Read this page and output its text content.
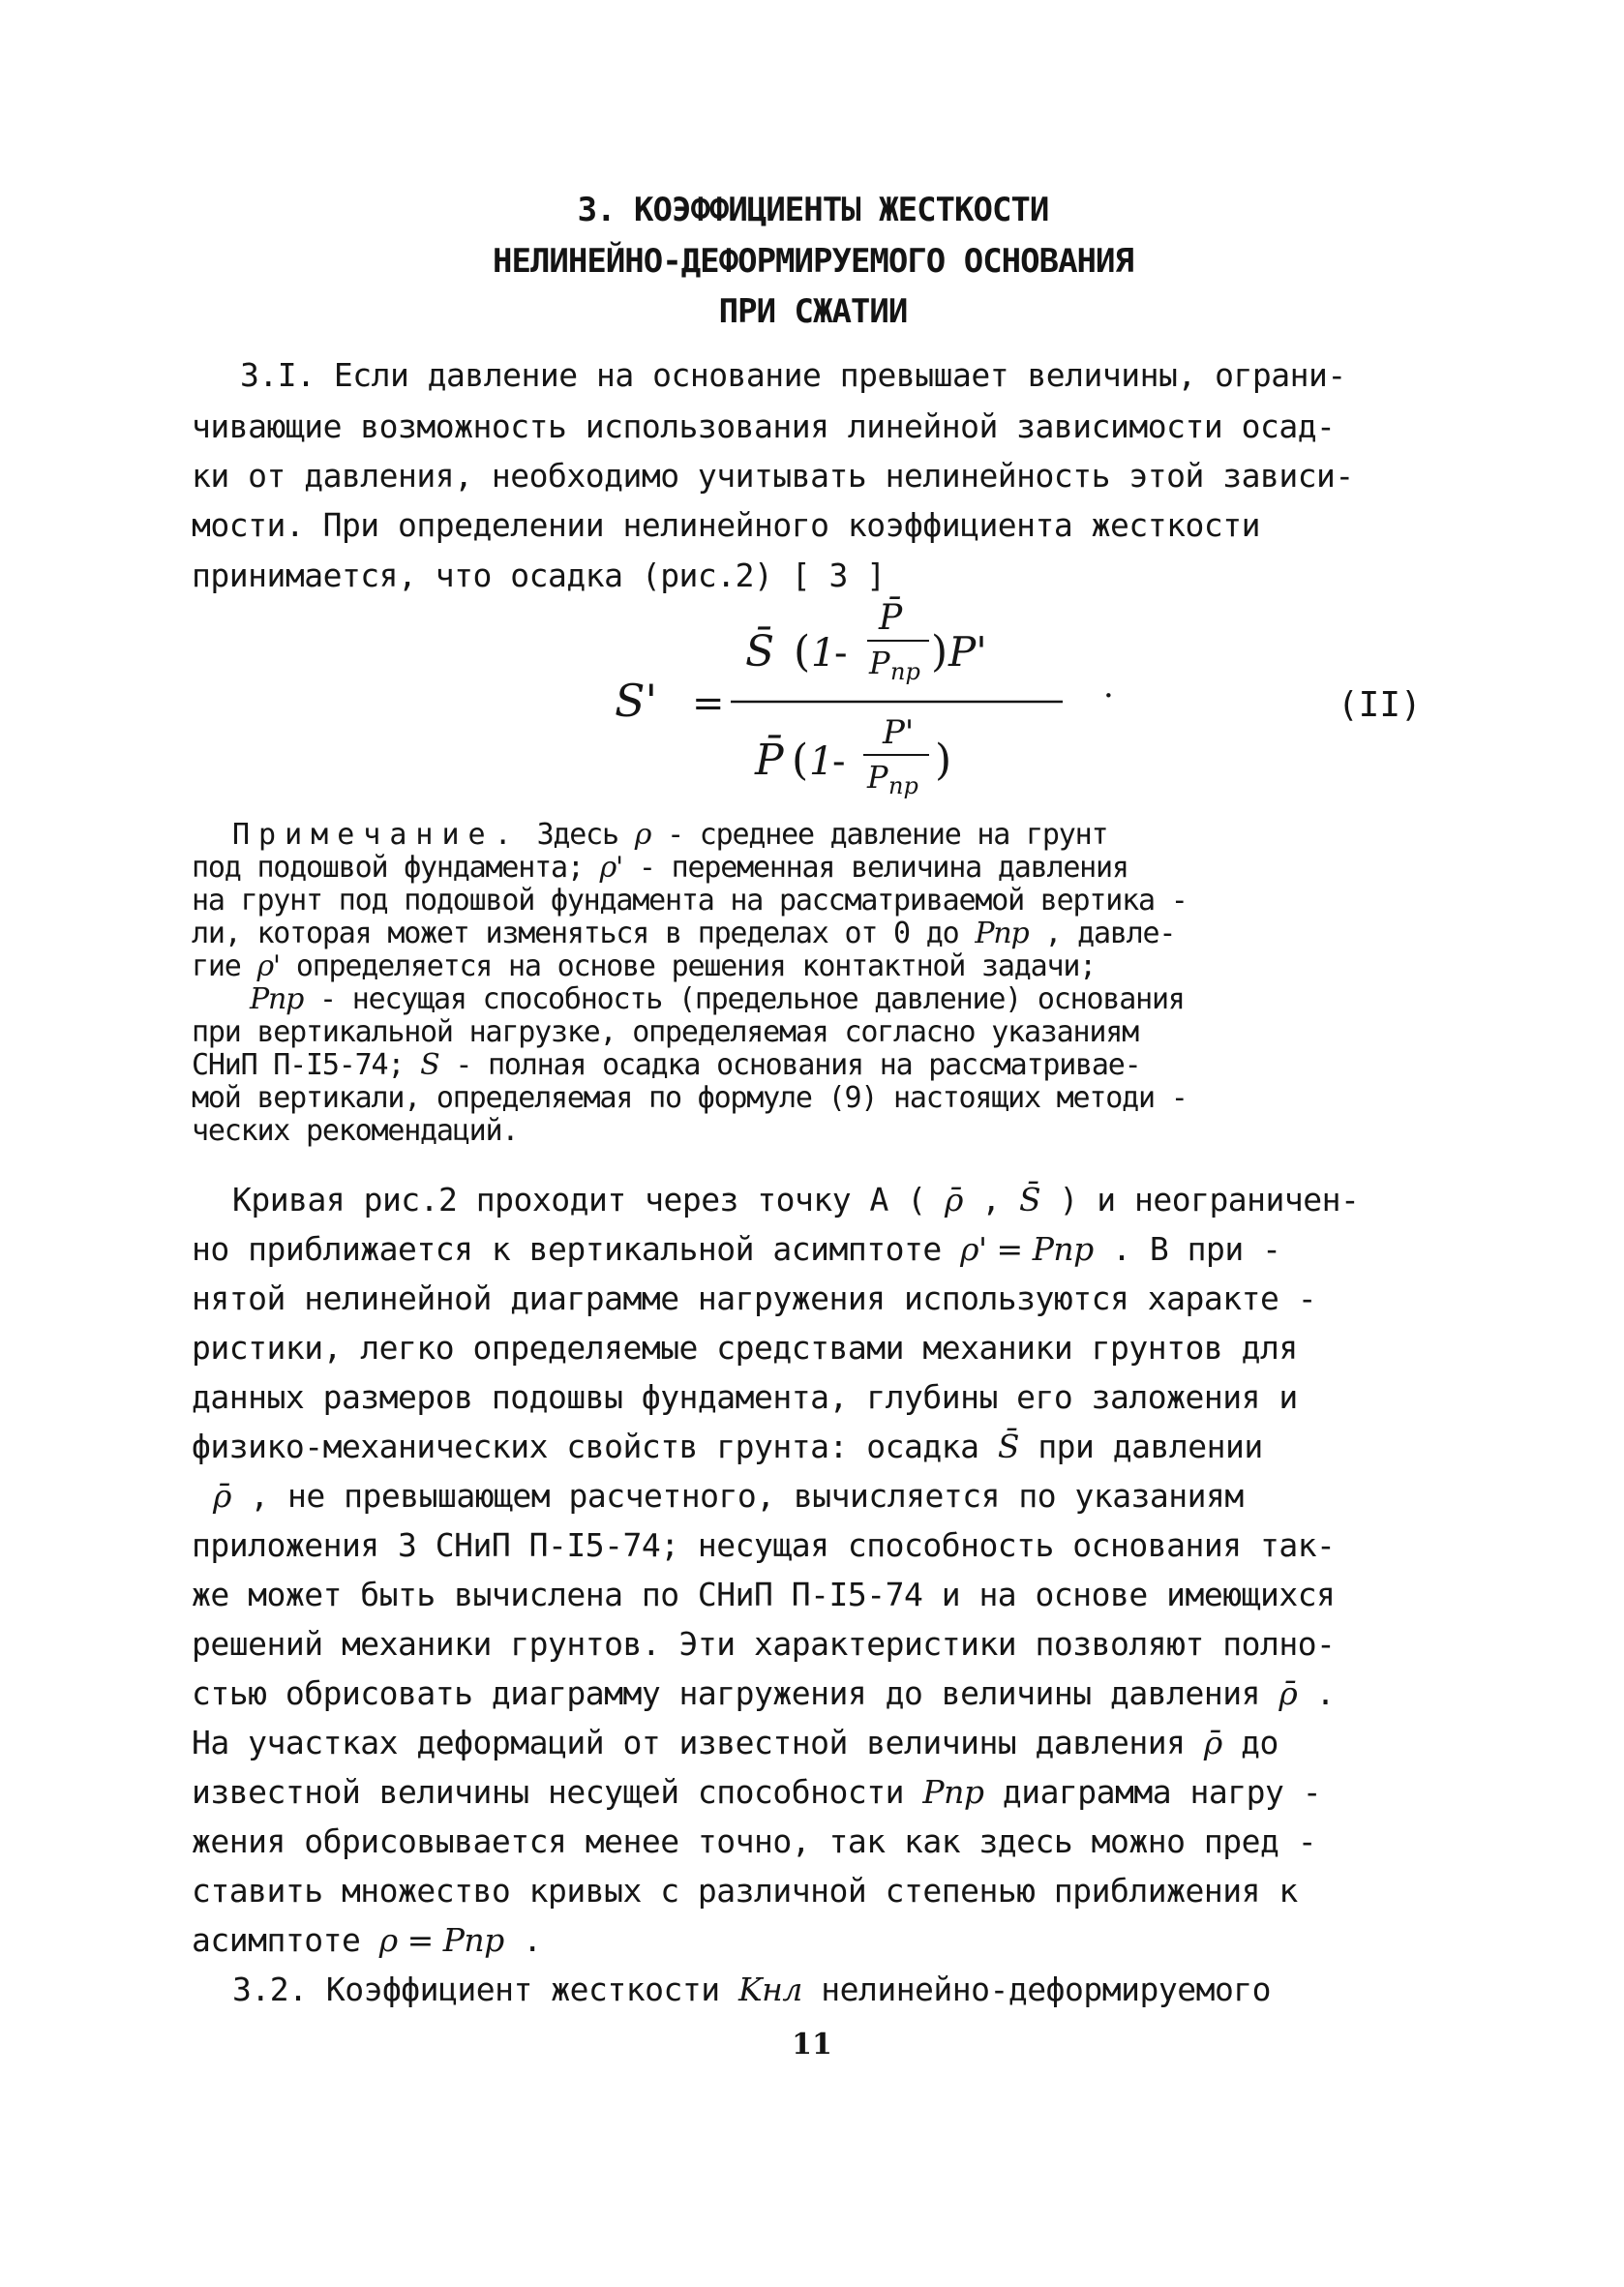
3. КОЭФФИЦИЕНТЫ ЖЕСТКОСТИ
НЕЛИНЕЙНО-ДЕФОРМИРУЕМОГО ОСНОВАНИЯ
ПРИ СЖАТИИ
3.I. Если давление на основание превышает величины, ограни-
чивающие возможность использования линейной зависимости осад-
ки от давления, необходимо учитывать нелинейность этой зависи-
мости. При определении нелинейного коэффициента жесткости
принимается, что осадка (рис.2) [ 3 ]
S' =
S̄ ( 1
-
P̄
P пр ) P'
P̄ ( 1
-
P'
P пр
)
·	(II)
Примечание. Здесь ρ - среднее давление на грунт
под подошвой фундамента; ρ' - переменная величина давления
на грунт под подошвой фундамента на рассматриваемой вертика -
ли, которая может изменяться в пределах от 0 до Pпр , давле-
гие ρ' определяется на основе решения контактной задачи;
Pпр - несущая способность (предельное давление) основания
при вертикальной нагрузке, определяемая согласно указаниям
СНиП П-I5-74; S - полная осадка основания на рассматривае-
мой вертикали, определяемая по формуле (9) настоящих методи -
ческих рекомендаций.
Кривая рис.2 проходит через точку А ( ρ̄ , S̄ ) и неограничен-
но приближается к вертикальной асимптоте ρ' = Pпр . В при -
нятой нелинейной диаграмме нагружения используются характе -
ристики, легко определяемые средствами механики грунтов для
данных размеров подошвы фундамента, глубины его заложения и
физико-механических свойств грунта: осадка S̄ при давлении
ρ̄ , не превышающем расчетного, вычисляется по указаниям
приложения 3 СНиП П-I5-74; несущая способность основания так-
же может быть вычислена по СНиП П-I5-74 и на основе имеющихся
решений механики грунтов. Эти характеристики позволяют полно-
стью обрисовать диаграмму нагружения до величины давления ρ̄ .
На участках деформаций от известной величины давления ρ̄ до
известной величины несущей способности Pпр диаграмма нагру -
жения обрисовывается менее точно, так как здесь можно пред -
ставить множество кривых с различной степенью приближения к
асимптоте ρ = Pпр .
3.2. Коэффициент жесткости Kнл нелинейно-деформируемого
11
